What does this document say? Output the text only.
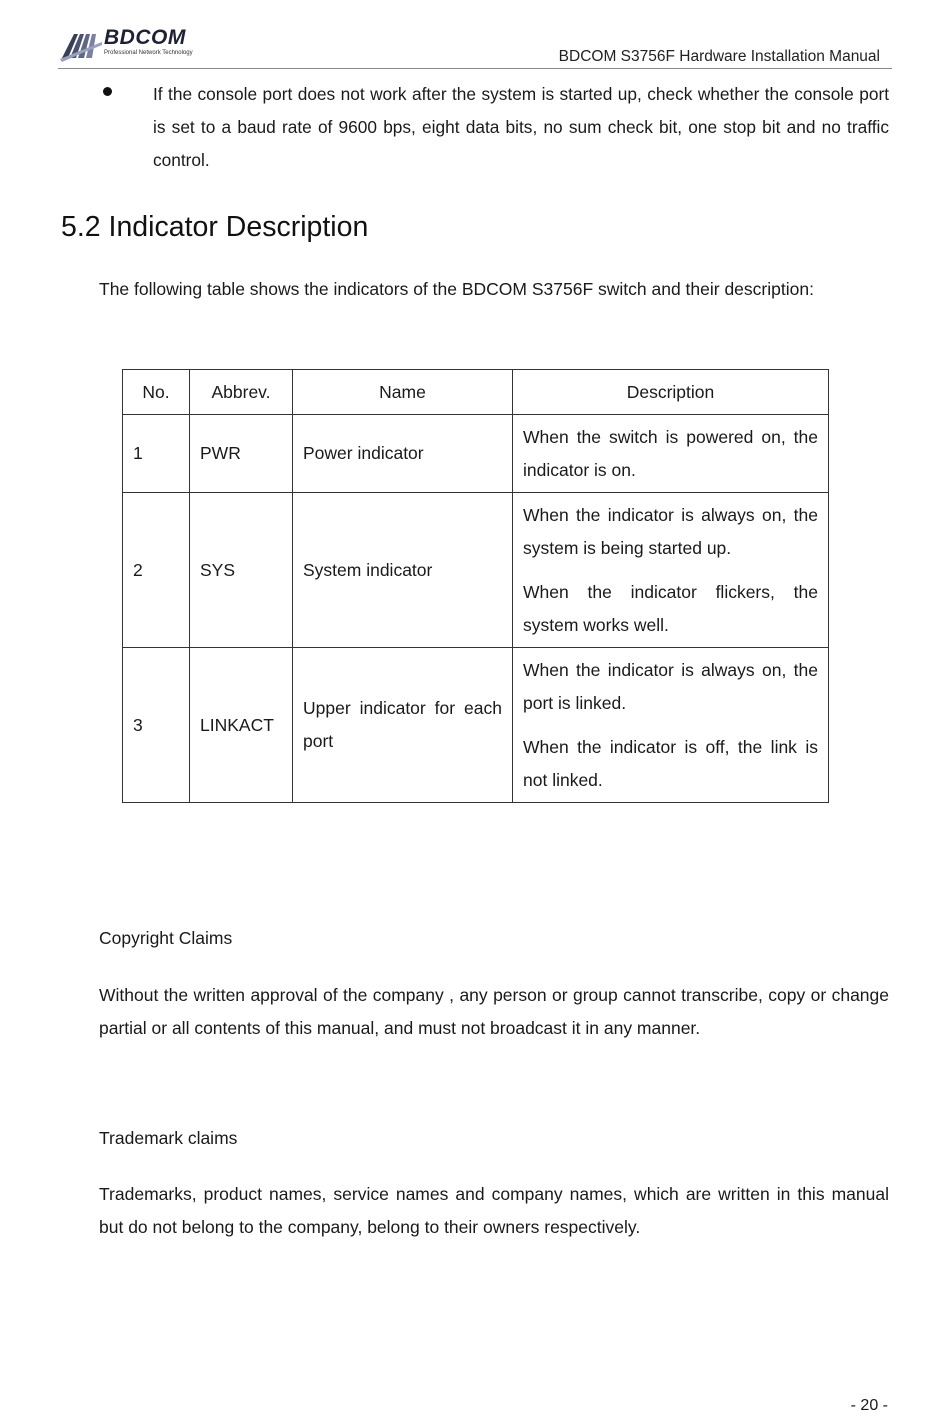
BDCOM
Professional Network Technology	BDCOM S3756F Hardware Installation Manual
If the console port does not work after the system is started up, check whether the console port is set to a baud rate of 9600 bps, eight data bits, no sum check bit, one stop bit and no traffic control.
5.2 Indicator Description
The following table shows the indicators of the BDCOM S3756F switch and their description:
No.	Abbrev.	Name	Description
1	PWR	Power indicator	When the switch is powered on, the indicator is on.

2	SYS	System indicator	When the indicator is always on, the system is being started up.

When the indicator flickers, the system works well.

3	LINKACT	Upper indicator for each port	When the indicator is always on, the port is linked.

When the indicator is off, the link is not linked.

Copyright Claims
Without the written approval of the company , any person or group cannot transcribe, copy or change partial or all contents of this manual, and must not broadcast it in any manner.
Trademark claims
Trademarks, product names, service names and company names, which are written in this manual but do not belong to the company, belong to their owners respectively.
- 20 -
